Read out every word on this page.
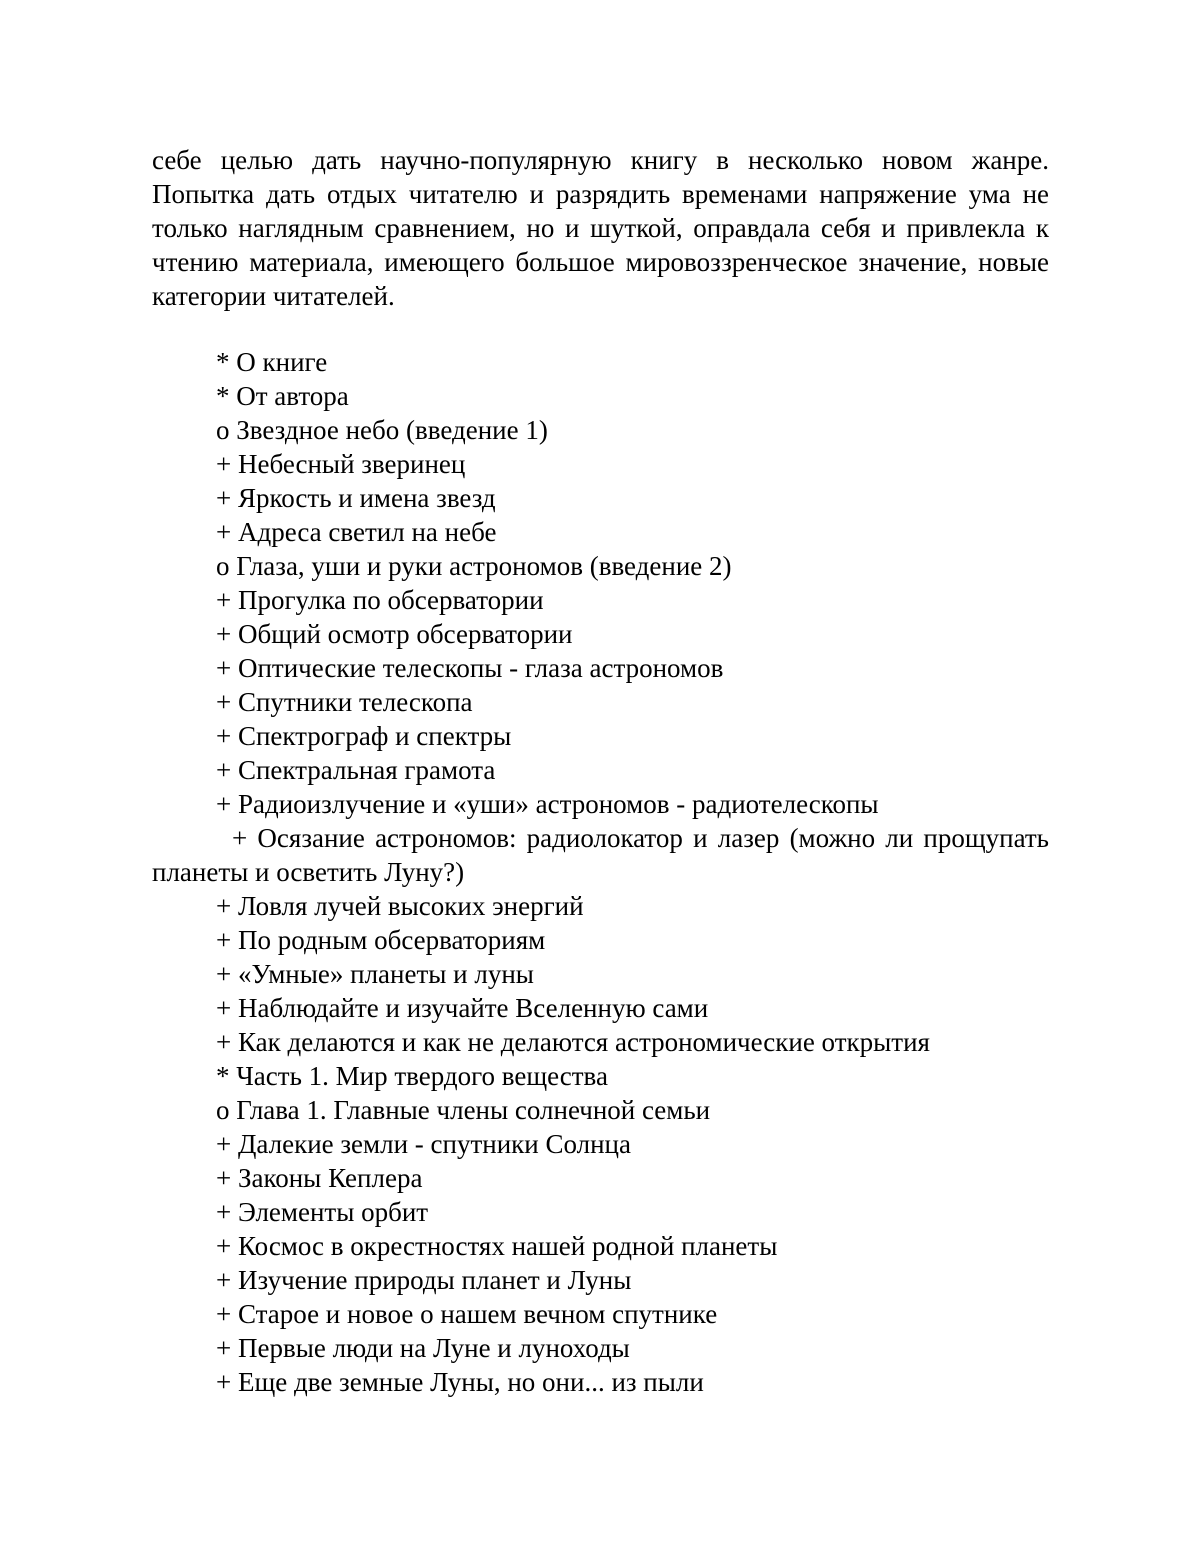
себе целью дать научно-популярную книгу в несколько новом жанре. Попытка дать отдых читателю и разрядить временами напряжение ума не только наглядным сравнением, но и шуткой, оправдала себя и привлекла к чтению материала, имеющего большое мировоззренческое значение, новые категории читателей.

* О книге
* От автора
o Звездное небо (введение 1)
+ Небесный зверинец
+ Яркость и имена звезд
+ Адреса светил на небе
o Глаза, уши и руки астрономов (введение 2)
+ Прогулка по обсерватории
+ Общий осмотр обсерватории
+ Оптические телескопы - глаза астрономов
+ Спутники телескопа
+ Спектрограф и спектры
+ Спектральная грамота
+ Радиоизлучение и «уши» астрономов - радиотелескопы
+ Осязание астрономов: радиолокатор и лазер (можно ли прощупать планеты и осветить Луну?)
+ Ловля лучей высоких энергий
+ По родным обсерваториям
+ «Умные» планеты и луны
+ Наблюдайте и изучайте Вселенную сами
+ Как делаются и как не делаются астрономические открытия
* Часть 1. Мир твердого вещества
o Глава 1. Главные члены солнечной семьи
+ Далекие земли - спутники Солнца
+ Законы Кеплера
+ Элементы орбит
+ Космос в окрестностях нашей родной планеты
+ Изучение природы планет и Луны
+ Старое и новое о нашем вечном спутнике
+ Первые люди на Луне и луноходы
+ Еще две земные Луны, но они... из пыли
